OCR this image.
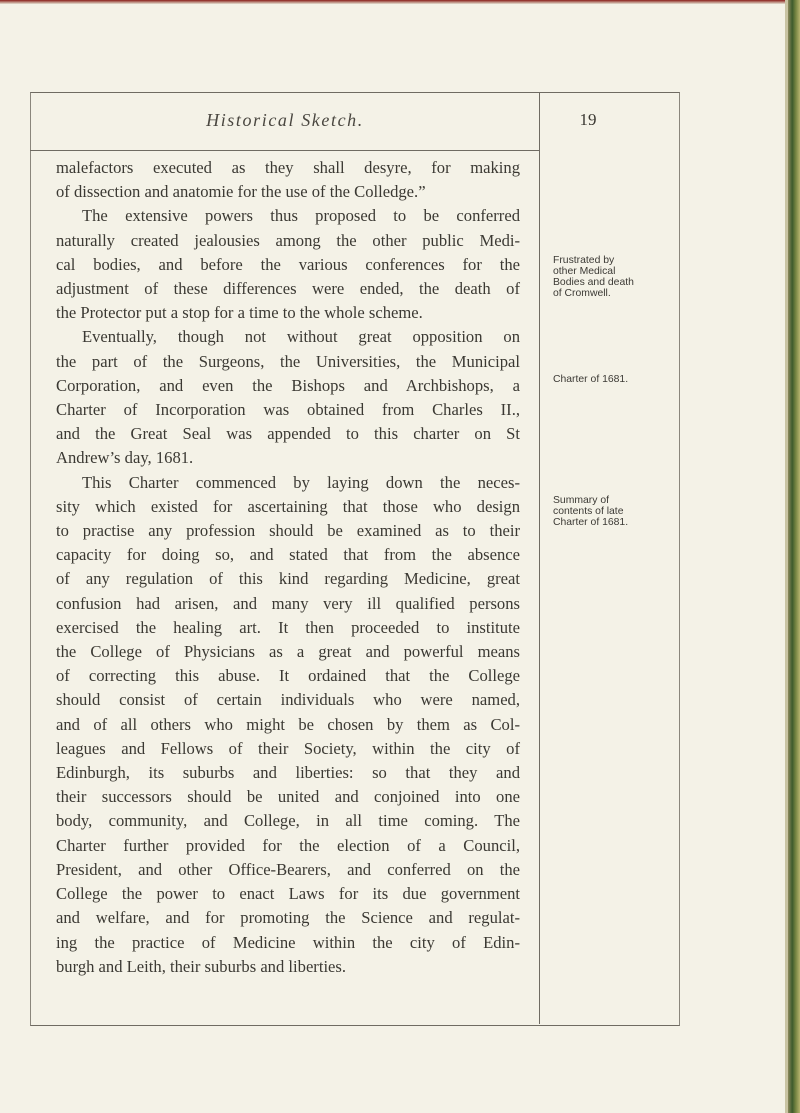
Historical Sketch.	19
malefactors executed as they shall desyre, for making
of dissection and anatomie for the use of the Colledge.”
The extensive powers thus proposed to be conferred
naturally created jealousies among the other public Medi-
cal bodies, and before the various conferences for the
adjustment of these differences were ended, the death of
the Protector put a stop for a time to the whole scheme.
Eventually, though not without great opposition on
the part of the Surgeons, the Universities, the Municipal
Corporation, and even the Bishops and Archbishops, a
Charter of Incorporation was obtained from Charles II.,
and the Great Seal was appended to this charter on St
Andrew’s day, 1681.
This Charter commenced by laying down the neces-
sity which existed for ascertaining that those who design
to practise any profession should be examined as to their
capacity for doing so, and stated that from the absence
of any regulation of this kind regarding Medicine, great
confusion had arisen, and many very ill qualified persons
exercised the healing art. It then proceeded to institute
the College of Physicians as a great and powerful means
of correcting this abuse. It ordained that the College
should consist of certain individuals who were named,
and of all others who might be chosen by them as Col-
leagues and Fellows of their Society, within the city of
Edinburgh, its suburbs and liberties: so that they and
their successors should be united and conjoined into one
body, community, and College, in all time coming. The
Charter further provided for the election of a Council,
President, and other Office-Bearers, and conferred on the
College the power to enact Laws for its due government
and welfare, and for promoting the Science and regulat-
ing the practice of Medicine within the city of Edin-
burgh and Leith, their suburbs and liberties.
Frustrated by
other Medical
Bodies and death
of Cromwell.
Charter of 1681.
Summary of
contents of late
Charter of 1681.
